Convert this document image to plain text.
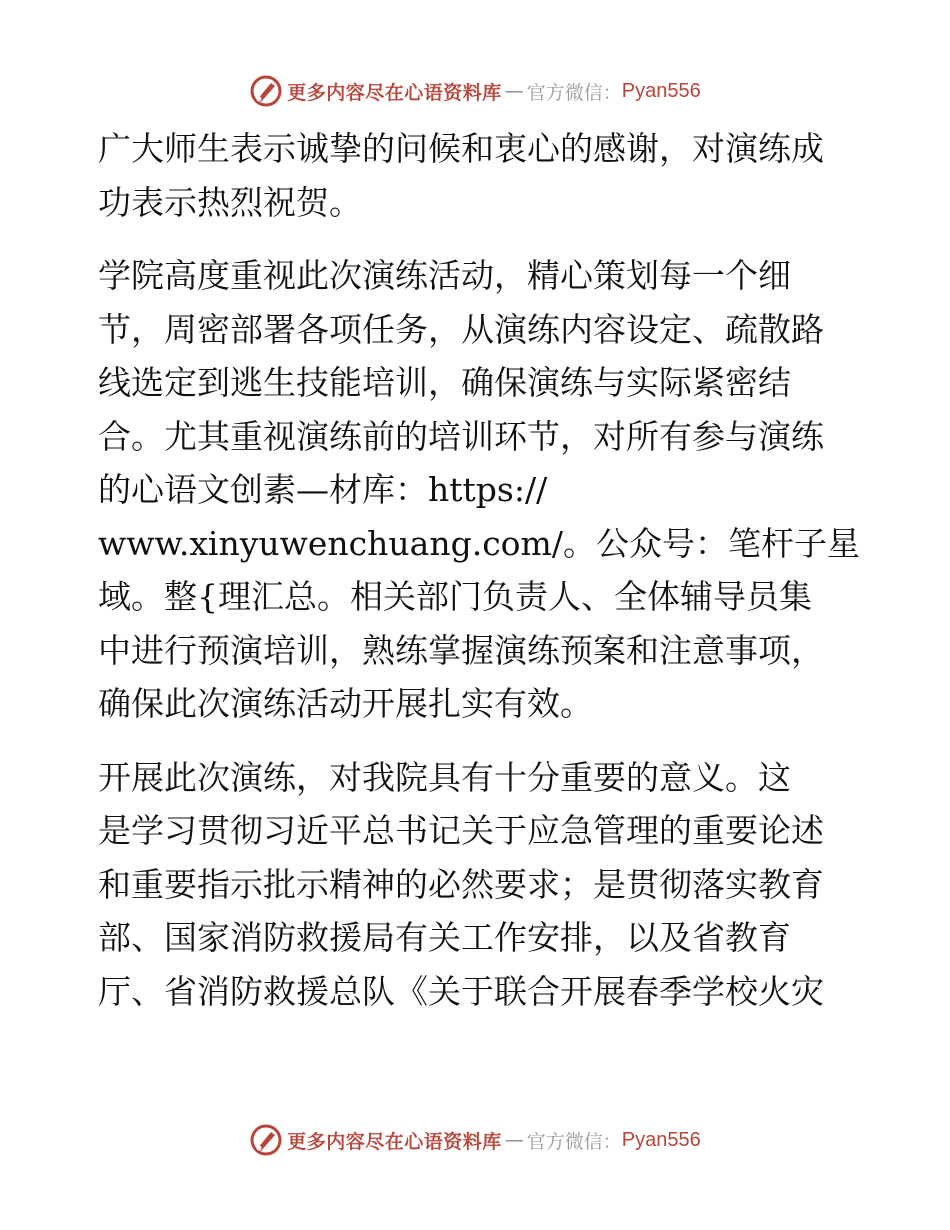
更多内容尽在心语资料库 — 官方微信： Pyan556

广大师生表示诚挚的问候和衷心的感谢，对演练成
功表示热烈祝贺。

学院高度重视此次演练活动，精心策划每一个细
节，周密部署各项任务，从演练内容设定、疏散路
线选定到逃生技能培训，确保演练与实际紧密结
合。尤其重视演练前的培训环节，对所有参与演练
的心语文创素—材库：https://
www.xinyuwenchuang.com/。公众号：笔杆子星
域。整{理汇总。相关部门负责人、全体辅导员集
中进行预演培训，熟练掌握演练预案和注意事项，
确保此次演练活动开展扎实有效。

开展此次演练，对我院具有十分重要的意义。这
是学习贯彻习近平总书记关于应急管理的重要论述
和重要指示批示精神的必然要求；是贯彻落实教育
部、国家消防救援局有关工作安排，以及省教育
厅、省消防救援总队《关于联合开展春季学校火灾

更多内容尽在心语资料库 — 官方微信： Pyan556
